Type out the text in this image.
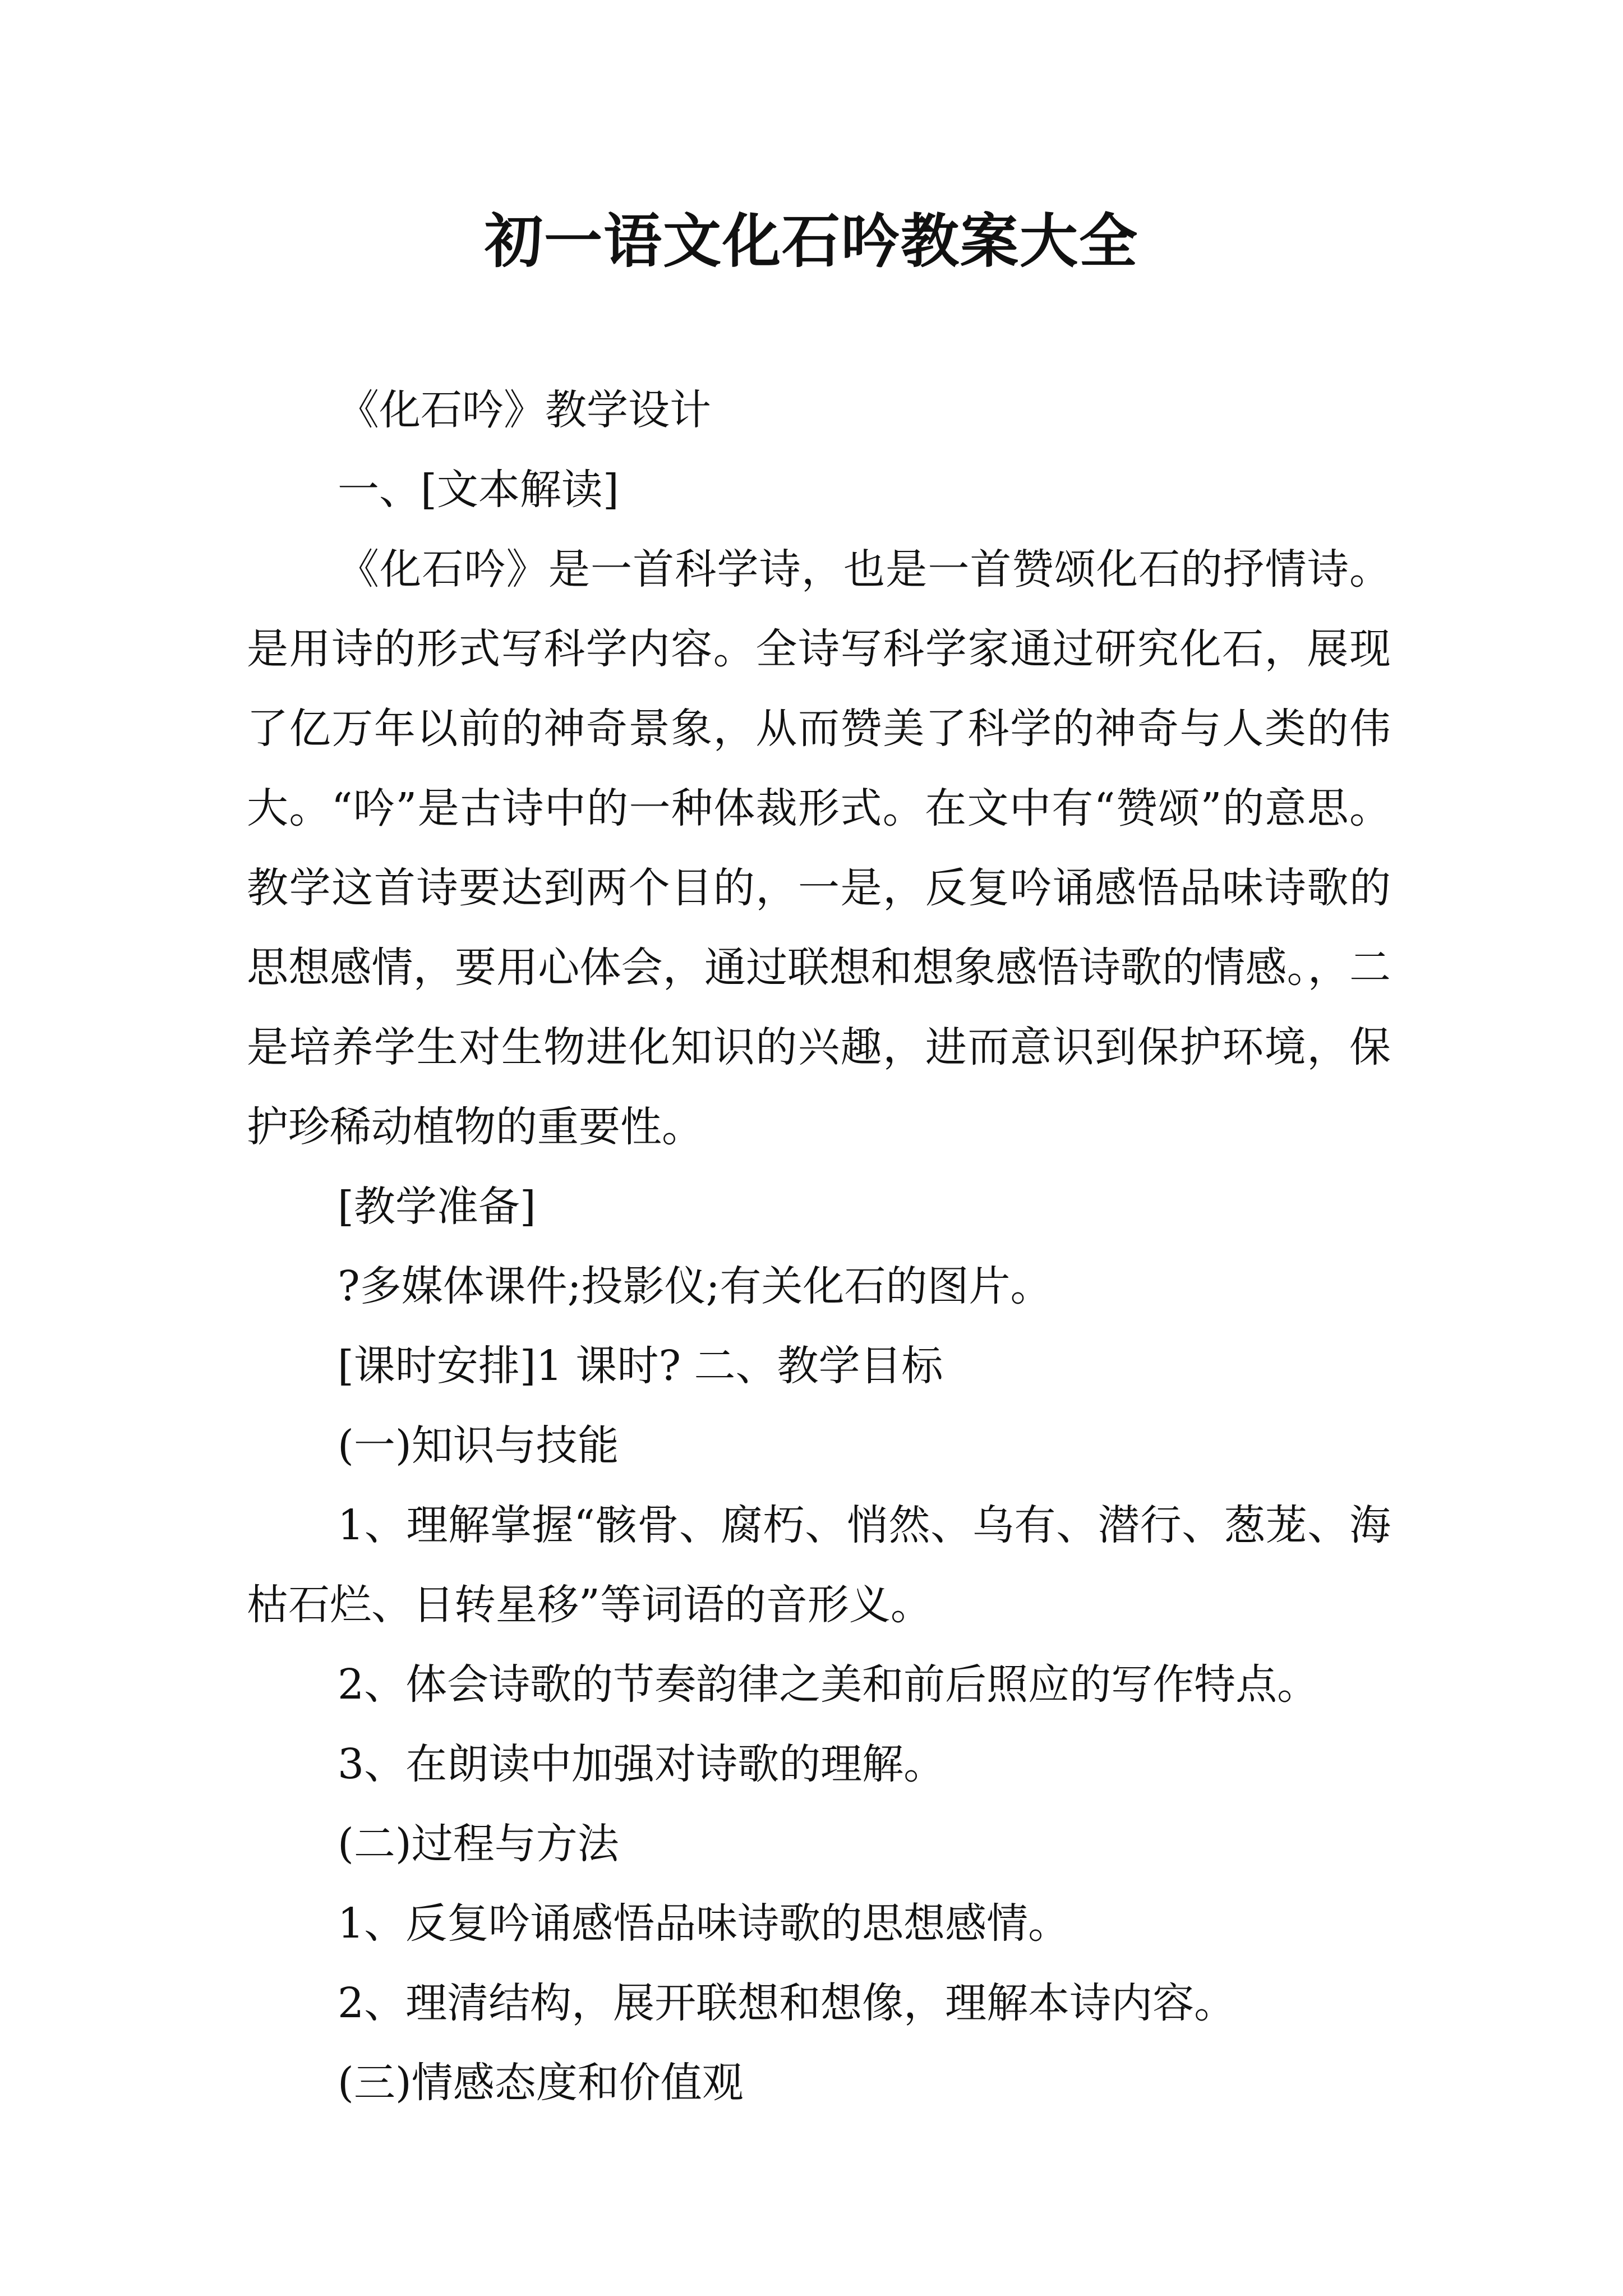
初一语文化石吟教案大全

《化石吟》教学设计

一、[文本解读]

《化石吟》是一首科学诗，也是一首赞颂化石的抒情诗。是用诗的形式写科学内容。全诗写科学家通过研究化石，展现了亿万年以前的神奇景象，从而赞美了科学的神奇与人类的伟大。“吟”是古诗中的一种体裁形式。在文中有“赞颂”的意思。教学这首诗要达到两个目的，一是，反复吟诵感悟品味诗歌的思想感情，要用心体会，通过联想和想象感悟诗歌的情感。，二是培养学生对生物进化知识的兴趣，进而意识到保护环境，保护珍稀动植物的重要性。

[教学准备]

?多媒体课件;投影仪;有关化石的图片。

[课时安排]1 课时? 二、教学目标

(一)知识与技能

1、理解掌握“骸骨、腐朽、悄然、乌有、潜行、葱茏、海枯石烂、日转星移”等词语的音形义。

2、体会诗歌的节奏韵律之美和前后照应的写作特点。

3、在朗读中加强对诗歌的理解。

(二)过程与方法

1、反复吟诵感悟品味诗歌的思想感情。

2、理清结构，展开联想和想像，理解本诗内容。

(三)情感态度和价值观
